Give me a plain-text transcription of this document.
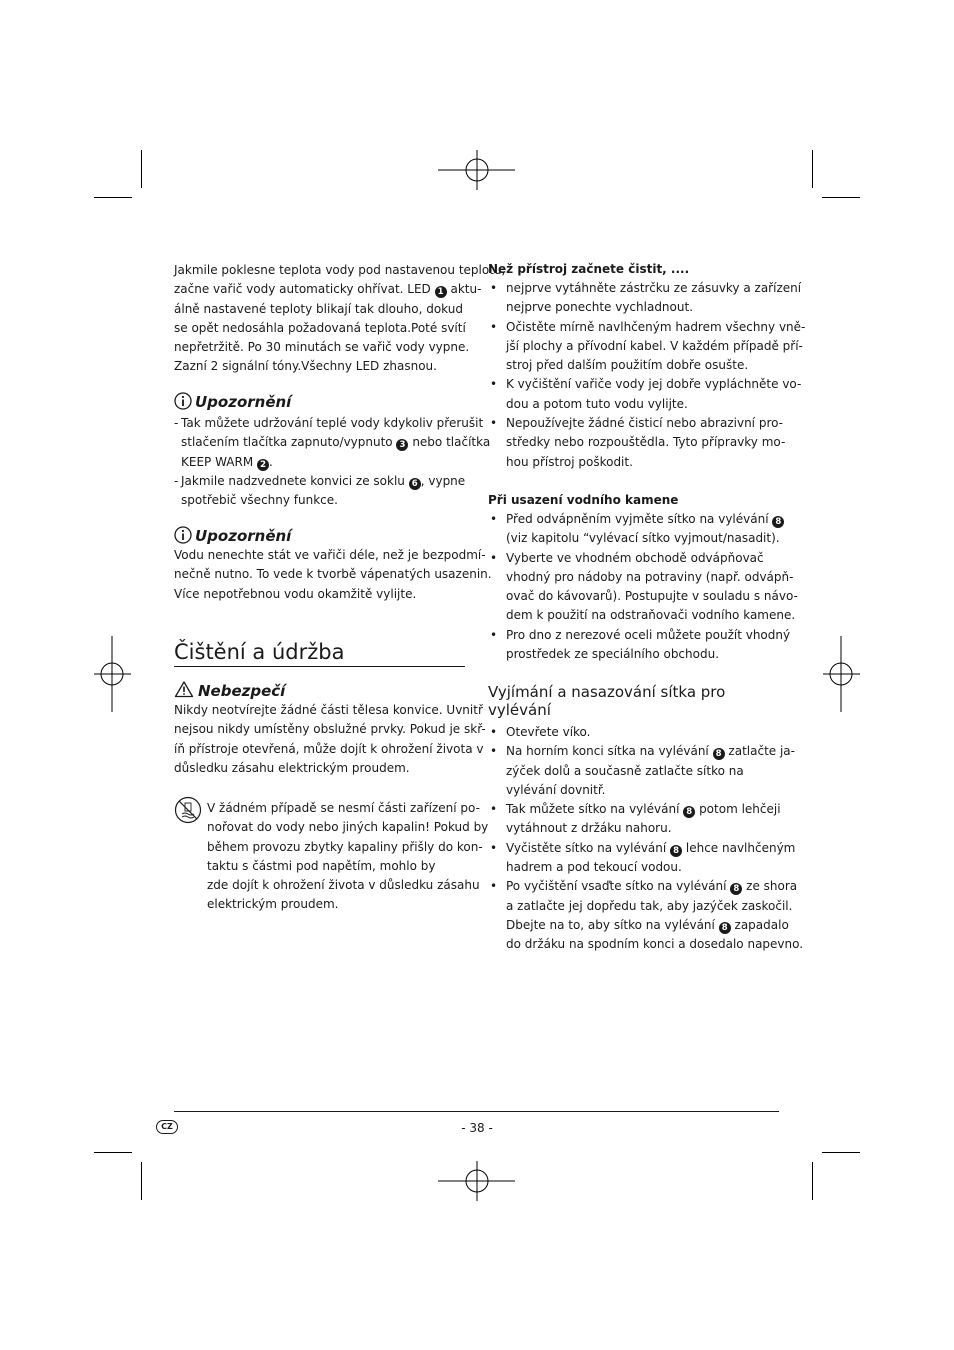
Jakmile poklesne teplota vody pod nastavenou teplotu,
začne vařič vody automaticky ohřívat. LED 1 aktu-
álně nastavené teploty blikají tak dlouho, dokud
se opět nedosáhla požadovaná teplota.Poté svítí
nepřetržitě. Po 30 minutách se vařič vody vypne.
Zazní 2 signální tóny.Všechny LED zhasnou.
Upozornění
- Tak můžete udržování teplé vody kdykoliv přerušit
stlačením tlačítka zapnuto/vypnuto 3 nebo tlačítka
KEEP WARM 2 .
- Jakmile nadzvednete konvici ze soklu 6 , vypne
spotřebič všechny funkce.
Upozornění
Vodu nenechte stát ve vařiči déle, než je bezpodmí-
nečně nutno. To vede k tvorbě vápenatých usazenin.
Více nepotřebnou vodu okamžitě vylijte.
Čištění a údržba
Nebezpečí
Nikdy neotvírejte žádné části tělesa konvice. Uvnitř
nejsou nikdy umístěny obslužné prvky. Pokud je skř-
íň přístroje otevřená, může dojít k ohrožení života v
důsledku zásahu elektrickým proudem.
V žádném případě se nesmí části zařízení po-
nořovat do vody nebo jiných kapalin! Pokud by
během provozu zbytky kapaliny přišly do kon-
taktu s částmi pod napětím, mohlo by
zde dojít k ohrožení života v důsledku zásahu
elektrickým proudem.
Než přístroj začnete čistit, ....
• nejprve vytáhněte zástrčku ze zásuvky a zařízení
nejprve ponechte vychladnout.
• Očistěte mírně navlhčeným hadrem všechny vně-
jší plochy a přívodní kabel. V každém případě pří-
stroj před dalším použitím dobře osušte.
• K vyčištění vařiče vody jej dobře vypláchněte vo-
dou a potom tuto vodu vylijte.
• Nepoužívejte žádné čisticí nebo abrazivní pro-
středky nebo rozpouštědla. Tyto přípravky mo-
hou přístroj poškodit.
Při usazení vodního kamene
• Před odvápněním vyjměte sítko na vylévání 8
(viz kapitolu “vylévací sítko vyjmout/nasadit).
• Vyberte ve vhodném obchodě odvápňovač
vhodný pro nádoby na potraviny (např. odvápň-
ovač do kávovarů). Postupujte v souladu s návo-
dem k použití na odstraňovači vodního kamene.
• Pro dno z nerezové oceli můžete použít vhodný
prostředek ze speciálního obchodu.
Vyjímání a nasazování sítka pro
vylévání
• Otevřete víko.
• Na horním konci sítka na vylévání 8 zatlačte ja-
zýček dolů a současně zatlačte sítko na
vylévání dovnitř.
• Tak můžete sítko na vylévání 8 potom lehčeji
vytáhnout z držáku nahoru.
• Vyčistěte sítko na vylévání 8 lehce navlhčeným
hadrem a pod tekoucí vodou.
• Po vyčištění vsaďte sítko na vylévání 8 ze shora
a zatlačte jej dopředu tak, aby jazýček zaskočil.
Dbejte na to, aby sítko na vylévání 8 zapadalo
do držáku na spodním konci a dosedalo napevno.
CZ	- 38 -
